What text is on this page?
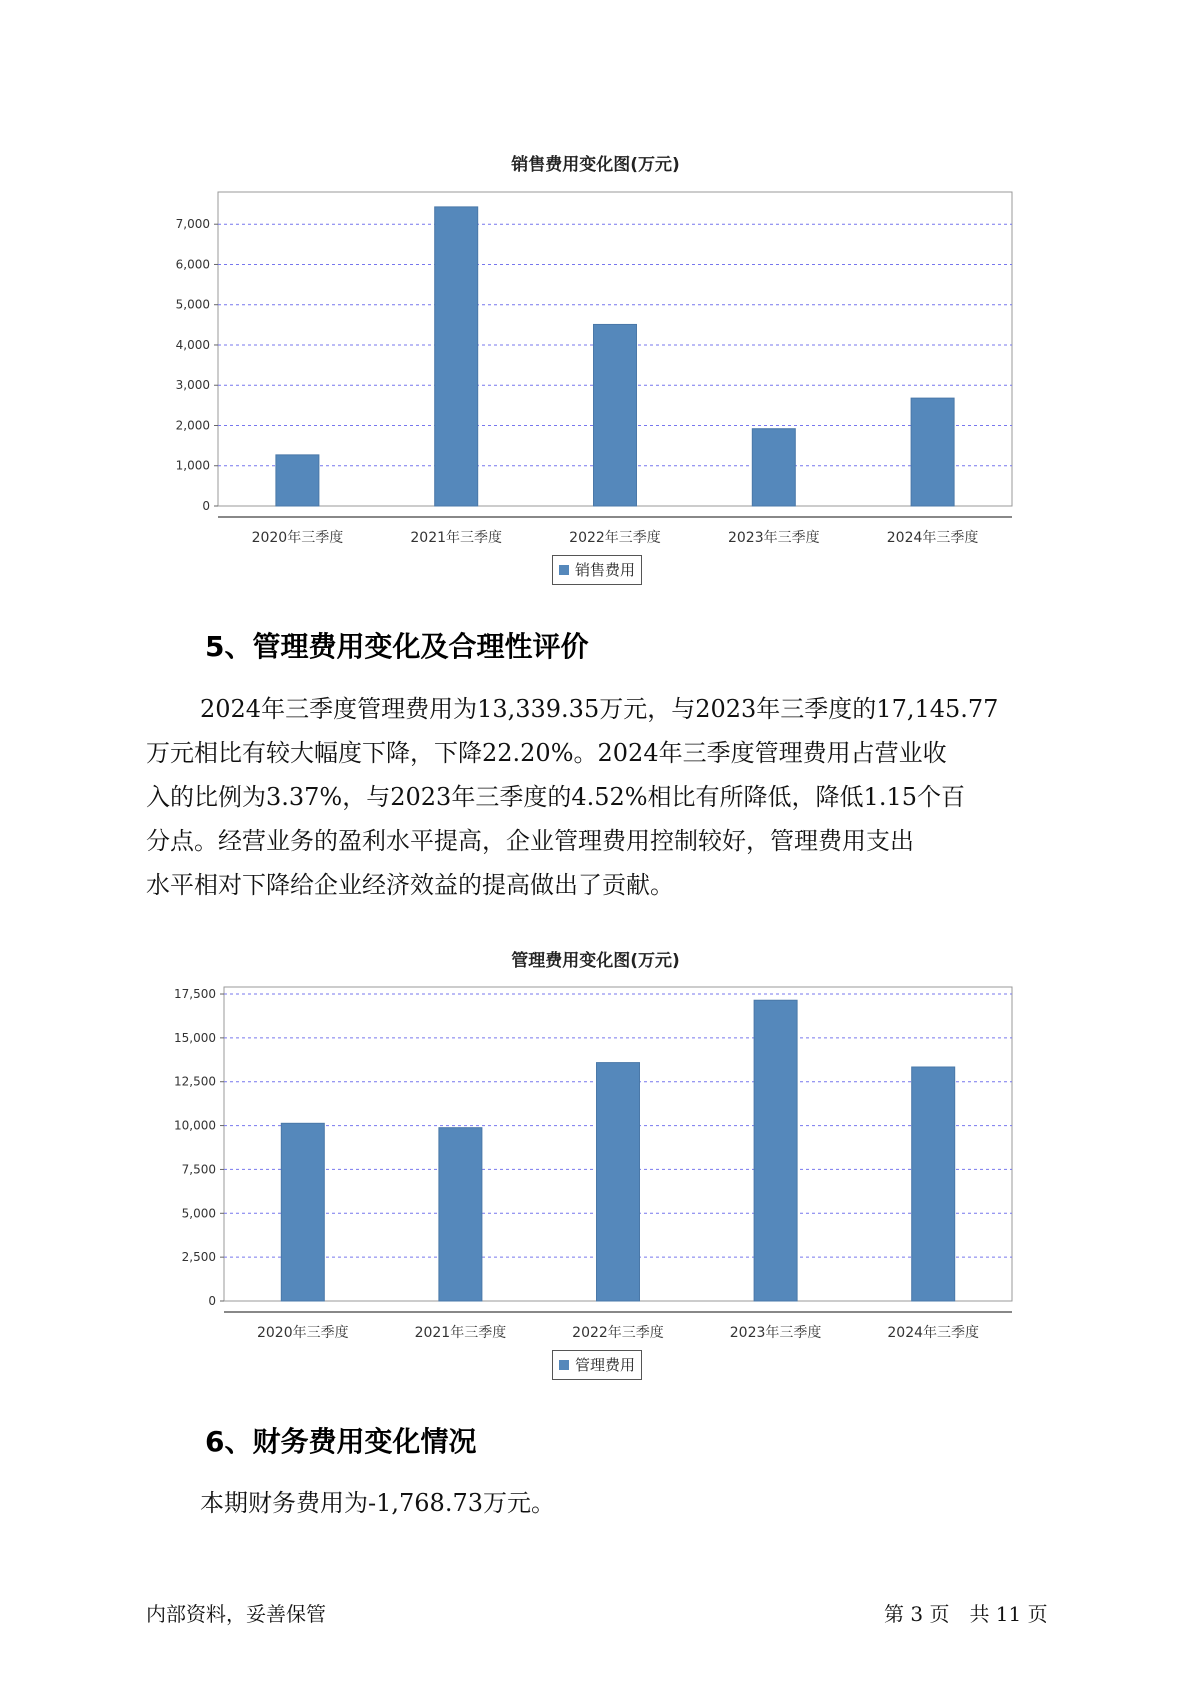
销售费用变化图(万元)
0
1,000
2,000
3,000
4,000
5,000
6,000
7,000
2020年三季度	2021年三季度	2022年三季度	2023年三季度	2024年三季度
销售费用
5、管理费用变化及合理性评价
2024年三季度管理费用为13,339.35万元，与2023年三季度的17,145.77
万元相比有较大幅度下降，下降22.20%。2024年三季度管理费用占营业收
入的比例为3.37%，与2023年三季度的4.52%相比有所降低，降低1.15个百
分点。经营业务的盈利水平提高，企业管理费用控制较好，管理费用支出
水平相对下降给企业经济效益的提高做出了贡献。
管理费用变化图(万元)
0
2,500
5,000
7,500
10,000
12,500
15,000
17,500
2020年三季度	2021年三季度	2022年三季度	2023年三季度	2024年三季度
管理费用
6、财务费用变化情况
本期财务费用为-1,768.73万元。
内部资料，妥善保管	第 3 页　共 11 页
